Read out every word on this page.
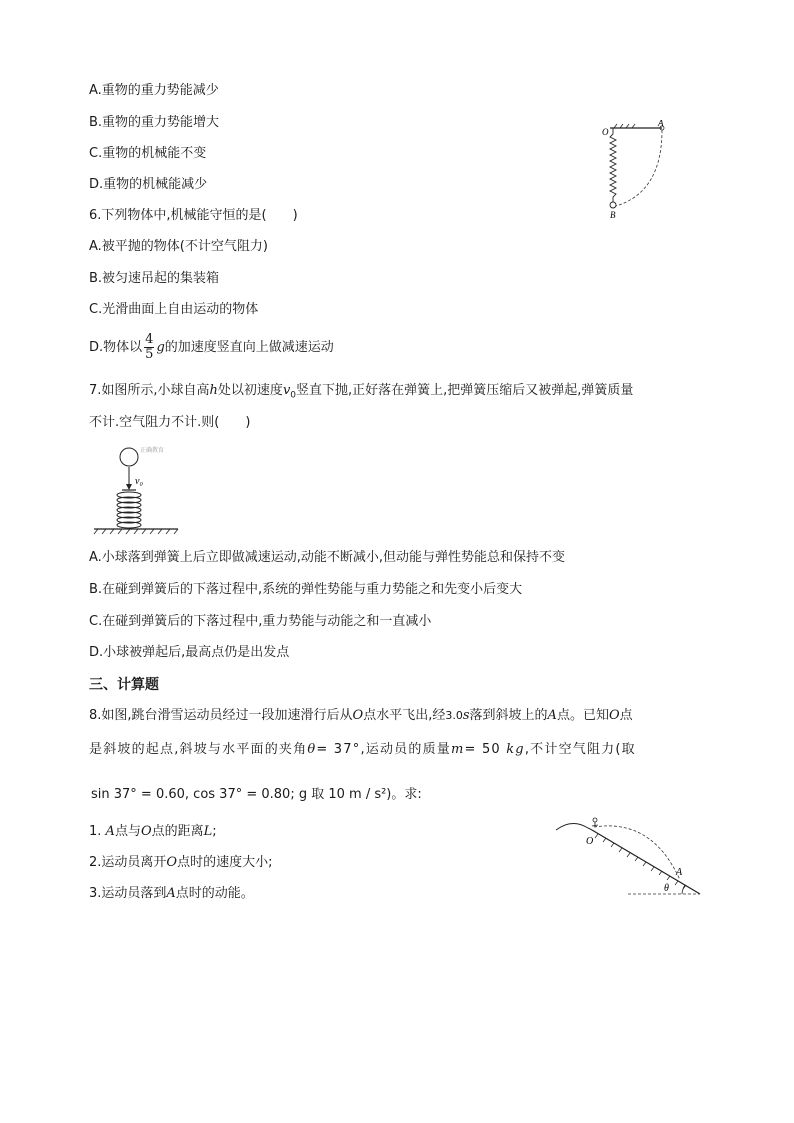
A.重物的重力势能减少
B.重物的重力势能增大
C.重物的机械能不变
D.重物的机械能减少
O
A
B
6.下列物体中,机械能守恒的是(　　)
A.被平抛的物体(不计空气阻力)
B.被匀速吊起的集装箱
C.光滑曲面上自由运动的物体
D.物体以 $\frac{4}{5}$ g的加速度竖直向上做减速运动
7.如图所示,小球自高h处以初速度$v_0$竖直下抛,正好落在弹簧上,把弹簧压缩后又被弹起,弹簧质量
不计.空气阻力不计.则(　　)
正确教育
v₀
A.小球落到弹簧上后立即做减速运动,动能不断减小,但动能与弹性势能总和保持不变
B.在碰到弹簧后的下落过程中,系统的弹性势能与重力势能之和先变小后变大
C.在碰到弹簧后的下落过程中,重力势能与动能之和一直减小
D.小球被弹起后,最高点仍是出发点
三、计算题
8.如图,跳台滑雪运动员经过一段加速滑行后从O点水平飞出,经3.0s落到斜坡上的A点。已知O点
是斜坡的起点,斜坡与水平面的夹角θ= 37°,运动员的质量m= 50 kg,不计空气阻力(取
sin 37° = 0.60, cos 37° = 0.80; g 取 10 m / s²)。求:
1. A点与O点的距离L;
2.运动员离开O点时的速度大小;
3.运动员落到A点时的动能。
O
A
θ
